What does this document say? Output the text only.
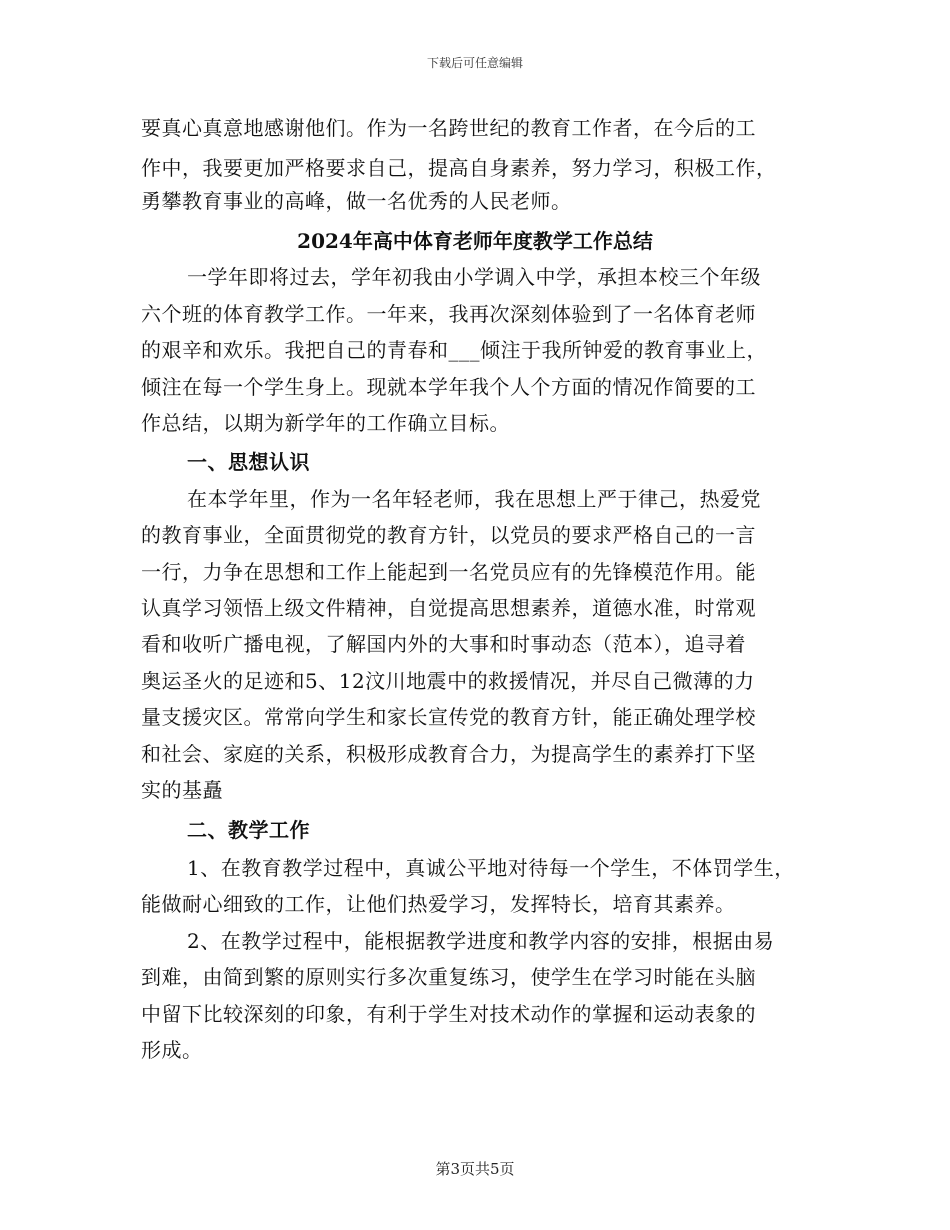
下载后可任意编辑
要真心真意地感谢他们。作为一名跨世纪的教育工作者，在今后的工
作中，我要更加严格要求自己，提高自身素养，努力学习，积极工作，
勇攀教育事业的高峰，做一名优秀的人民老师。
2024年高中体育老师年度教学工作总结
一学年即将过去，学年初我由小学调入中学，承担本校三个年级
六个班的体育教学工作。一年来，我再次深刻体验到了一名体育老师
的艰辛和欢乐。我把自己的青春和___倾注于我所钟爱的教育事业上，
倾注在每一个学生身上。现就本学年我个人个方面的情况作简要的工
作总结，以期为新学年的工作确立目标。
一、思想认识
在本学年里，作为一名年轻老师，我在思想上严于律己，热爱党
的教育事业，全面贯彻党的教育方针，以党员的要求严格自己的一言
一行，力争在思想和工作上能起到一名党员应有的先锋模范作用。能
认真学习领悟上级文件精神，自觉提高思想素养，道德水准，时常观
看和收听广播电视，了解国内外的大事和时事动态（范本），追寻着
奥运圣火的足迹和5、12汶川地震中的救援情况，并尽自己微薄的力
量支援灾区。常常向学生和家长宣传党的教育方针，能正确处理学校
和社会、家庭的关系，积极形成教育合力，为提高学生的素养打下坚
实的基矗
二、教学工作
1、在教育教学过程中，真诚公平地对待每一个学生，不体罚学生，
能做耐心细致的工作，让他们热爱学习，发挥特长，培育其素养。
2、在教学过程中，能根据教学进度和教学内容的安排，根据由易
到难，由简到繁的原则实行多次重复练习，使学生在学习时能在头脑
中留下比较深刻的印象，有利于学生对技术动作的掌握和运动表象的
形成。
第3页共5页
